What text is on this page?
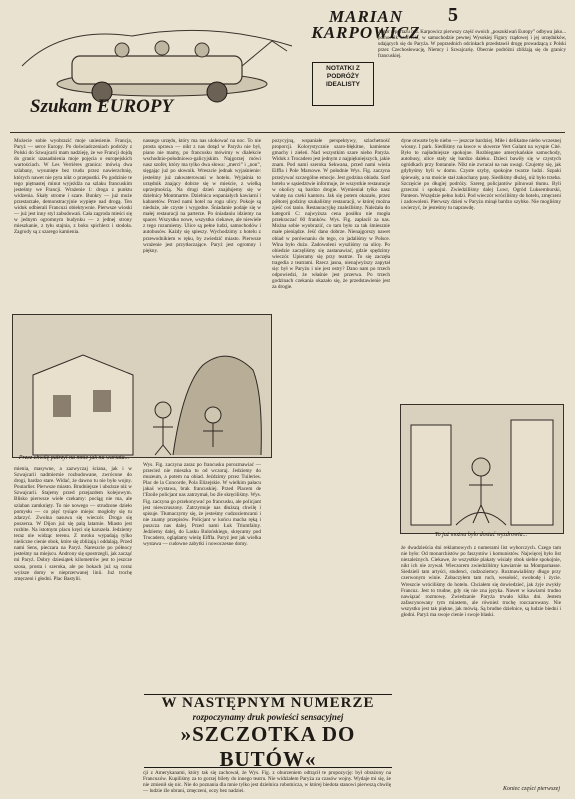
Szukam EUROPY
MARIAN
KARPOWICZ
5
NOTATKI Z PODRÓŻY IDEALISTY
Autor reportażu red. Karpowicz pierwszy część swoich „poszukiwań Europy” odbywa jako... pomocnik szoferski, w samochodzie pewnej Wysokiej Figury rządowej i jej urzędników, udających się do Paryża. W poprzednich odcinkach przedstawił drogę prowadzącą z Polski przez Czechosłowację, Niemcy i Szwajcarię. Obecnie podróżni zbliżają się do granicy francuskiej.
Możecie sobie wyobrazić moje uniesienie. Francja, Paryż — serce Europy. Po doświadczeniach podróży z Polski do Szwajcarii mam nadzieję, że we Francji dojdą do granic uzasadnienia moje pojęcia o europejskich wartościach. W Les Verrières granica: mówią dwa szlabany, wysunięte bez trudu przez nawierzchnię, których nawet nie pyta nikt o przepustki. Po godzinie te tego piętnastej minut wyjeżdża na szlaku francuskim jesteśmy we Francji. Wrażenie 1: droga z punktu widzenia. Skały strome i szare. Bunkry — już może przestarzałe, demonstracyjnie wypięte nad drogą. Ten widok odbierali Francuzi obiektywnie. Pierwsze wioski — już jest inny styl zabudowań. Cała zagroda mieści się w jednym ogromnym budynku — z jednej strony mieszkanie, z tyłu stajnia, z boku spichlerz i stodoła. Zagrody są z szarego kamienia.
Przez chwilę patrzył na mnie jak na wariata...
mienia, masywne, a zazwyczaj ściana, jak i w Szwajcarii nadmiernie rozbudowane, zwrócone do drogi, bardzo stare. Widać, że dawno tu nie było wojny. Poutarlier. Pierwsze miasto. Brudniejsze i uboższe niż w Szwajcarii. Stajemy przed przejazdem kolejowym. Blisko pierwsze wiele czekamy: pociąg nie ma, ale szlaban zamknięty. To nie nowego — strudzone dzieło pomysłu — co pięć tysiące miejsc mogłoby się tu zdarzyć. Zwolna nasuwa się wieczór. Droga się poszerza. W Dijon już się palą latarnie. Miasto jest rozbite. Na istotnym placu kręci się karuzela. Jedziemy teraz nie widząc terenu. Z mroku wypadają tylko nieliczne cienie obok, które się zbliżają i oddalają. Przed nami Sens, pieczara na Paryż. Nareszcie po północy jesteśmy na miejscu. Androny się spostrzegli, jak zacząć mi Paryż. Dobry dziesiątek kilometrów jest to jeszcze szosa, prosta i szeroka, ale po bokach już są coraz wyższe domy w nieprzerwanej linii. Już trochę zmęczeni i głodni. Plac Bastylii.
nassego urzędu, który ma nas ulokować na noc. To nie prosta sprawa — nikt z nas dotąd w Paryżu nie był, piano nie mamy, po francusku mówimy w dialekcie wschodnio-południowo-galicyjskim. Najgorzej mówi nasz szofer, który ma tylko dwa słowa: „merci” i „non”, sięgając już po słownik. Wreszcie jednak wyjaśnienie: jesteśmy już zakwaterowani w hotelu. Wyjaśnia to urzędnik znający dobrze się w mieście, z wielką uprzejmością. Na drugi dzień znajdujemy się w dzielnicy Montmartre. Dzielnica wspaniałych kawiarni i kabaretów. Przed nami hotel na rogu ulicy. Pokoje są nieduże, ale czyste i wygodne. Śniadanie podaje się w małej restauracji na parterze. Po śniadaniu idziemy na spacer. Wszystko nowe, wszystko ciekawe, ale niewiele z tego rozumiemy. Ulice są pełne ludzi, samochodów i autobusów. Każdy się spieszy. Wychodzimy z hotelu z przewodnikiem w ręku, by zwiedzić miasto. Pierwsze wrażenie jest przytłaczające. Paryż jest ogromny i piękny.
Wys. Fig. zaczyna zaraz po francusku porozmawiać — przecież nie mieszka tu od wczoraj. Jedziemy do muzeum, a potem na obiad. Jeździmy przez Tuileries. Plac de la Concorde, Pola Elizejskie. W wielkim pałacu jakaś wystawa, brak francuskiej. Przed Placem de l'Etoile policjant nas zatrzymał, bo źle skręciliśmy. Wys. Fig. zaczyna go przekonywać po francusku, ale policjant jest niewzruszony. Zatrzymuje nas dłuższą chwilę i spisuje. Tłumaczymy się, że jesteśmy cudzoziemcami i nie znamy przepisów. Policjant w końcu macha ręką i puszcza nas dalej. Przed nami Łuk Triumfalny. Jedziemy dalej, do Lasku Bulońskiego, skręcamy pod Trocadero, oglądamy wieżę Eiffla. Paryż jest jak wielka wystawa — cudowne zabytki i nowoczesne domy.
pozycyjną, wspaniałe perspektywy, szlachetność proporcji. Kolorystycznie szaro-błękitne, kamienne gmachy i zieleń. Nad wszystkim szare niebo Paryża. Widok z Trocadero jest jednym z najpiękniejszych, jakie znam. Pod nami szeroka Sekwana, przed nami wieża Eiffla i Pole Marsowe. W południe Wys. Fig. zaczyna przeżywać szczególne emocje. Jest godzina obiadu. Szef hotelu w sąsiedztwie informuje, że wszystkie restauracje w okolicy są bardzo drogie. Wymieniał tylko nasz walutę na czeki kantoru. Jak się potem okazało, przez półtorej godziny szukaliśmy restauracji, w której można zjeść coś tanio. Restauracyjkę znaleźliśmy. Należała do kategorii C: najwyższa cena posiłku nie mogła przekraczać 60 franków. Wys. Fig. zapłacił za nas. Można sobie wyobrazić, co tam było za tak śmiesznie małe pieniądze. Jeść dano dobrze. Nienajgorszy nawet obiad w porównaniu do tego, co jadaliśmy w Polsce. Wina było dużo. Zadowoleni wyszliśmy na ulicę. Po obiedzie zaczęliśmy się zastanawiać, gdzie spędzimy wieczór. Upieramy się przy teatrze. To się zaczęła tragedia z teatrami. Rzecz jasna, nienajwyższy zapytał się: był w Paryżu i nie jest ostry? Dano nam po trzech odpowiedzi, że właśnie jest przerwa. Po trzech godzinach czekania okazało się, że przedstawienie jest za drogie.
dyne otwarte było niebo — jeszcze bardziej. Miłe i delikatne niebo wczesnej wiosny. I park. Siedliśmy na ławce w skwerze Vert Galant na wyspie Cité. Było to najładniejsze spokojne. Rozbiegane amerykańskie samochody, autobusy, ulice stały się bardzo daleko. Dzieci bawiły się w czystych ogródkach przy fontannie. Nikt nie zwracał na nas uwagi. Czujemy się, jak gdybyśmy byli w domu. Czyste szyby, spokojne twarze ludzi. Szpaki śpiewały, a na moście stał zakochany parę. Siedliśmy dłużej, niż było trzeba. Szczęście po długiej podróży. Szereg policjantów pilnował tłumu. Byli grzeczni i spokojni. Zwiedziliśmy dalej Luwr, Ogród Luksemburski, Panteon. Wszędzie pełno ludzi. Pod wieczór wróciliśmy do hotelu, zmęczeni i zadowoleni. Pierwszy dzień w Paryżu minął bardzo szybko. Nie mogliśmy uwierzyć, że jesteśmy tu naprawdę.
To już można było dostać wyzdrowia...
że dwadzieścia dni reklamowych z numerami list wyborczych. Czego tam nie było: Od monarchistów po faszystów i komunistów. Najwięcej było list niezależnych. Ciekawe, że wszystkie plakaty wisiały obok siebie spokojnie, nikt ich nie zrywał. Wieczorem zwiedziliśmy kawiarnie na Montparnasse. Siedzieli tam artyści, studenci, cudzoziemcy. Rozmawialiśmy długo przy czerwonym winie. Zobaczyłem tam ruch, wesołość, swobodę i życie. Wreszcie wróciliśmy do hotelu. Chciałem się dowiedzieć, jak żyje zwykły Francuz. Jest to trudne, gdy się nie zna języka. Nawet w kawiarni trudno nawiązać rozmowę. Zwiedzanie Paryża trwało kilka dni. Jestem zafascynowany tym miastem, ale również trochę rozczarowany. Nie wszystko jest tak piękne, jak mówią. Są brudne dzielnice, są ludzie biedni i głodni. Paryż ma swoje cienie i swoje blaski.
Koniec części pierwszej
W NASTĘPNYM NUMERZE
rozpoczynamy druk powieści sensacyjnej
»SZCZOTKA DO BUTÓW«
cji z Amerykanami, który tak się zachował, że Wys. Fig. z oburzeniem odtrącił te propozycję: był obrażony na Francuzów. Kupiliśmy za to gorzej bilety do innego teatru. Nie widziałem Paryża za czasów wojny. Wydaje mi się, że nie zmienił się nic. Nie do poznania dla mnie tylko jest dzielnica robotnicza, w której biedota stanowi pierwszą chwilę — ludzie źle ubrani, zmęczeni, oczy bez nadziei.
